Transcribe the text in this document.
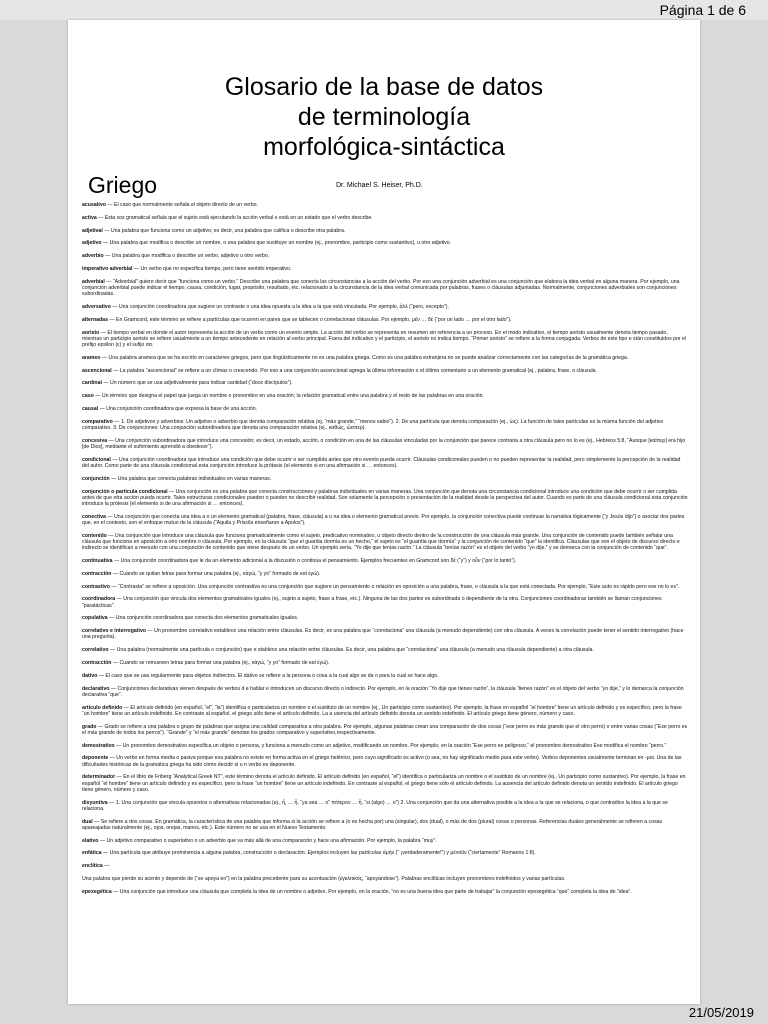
Página 1 de 6
Glosario de la base de datos
de terminología
morfológica-sintáctica
Griego	Dr. Michael S. Heiser, Ph.D.
acusativo — El caso que normalmente señala el objeto directo de un verbo.
activa — Esta voz gramatical señala que el sujeto está ejecutando la acción verbal o está en un estado que el verbo describe.
adjetival — Una palabra que funciona como un adjetivo; es decir, una palabra que califica o describe otra palabra.
adjetivo — Una palabra que modifica o describe un nombre, o una palabra que sustituye un nombre (ej., pronombre, participio como sustantivo), u otro adjetivo.
adverbio — Una palabra que modifica o describe un verbo, adjetivo u otro verbo.
imperativo adverbial — Un verbo que no especifica tiempo, pero tiene sentido imperativo.
adverbial — “Adverbial” quiere decir que “funciona como un verbo.” Describe una palabra que conecta las circunstancias a la acción del verbo. Por eso una conjunción adverbial es una conjunción que elabora la idea verbal en alguna manera. Por ejemplo, una conjunción adverbial puede indicar el tiempo, causa, condición, lugar, propósito, resultado, etc. relacionado a la circunstancia de la idea verbal comunicada por palabras, frases o cláusulas adjuntadas. Normalmente, conjunciones adverbiales son conjunciones subordinadas.
adversativo — Una conjunción coordinadora que sugiere un contraste o una idea opuesta a la idea a la que está vinculada. Por ejemplo, ἀλλ (“pero, excepto”).
alternadas — En Gramcord, este término se refiere a partículas que ocurren en pares que se tablecen o correlacionan cláusulas. Por ejemplo, μέν … δέ (“por un lado … por el otro lado”).
aoristo — El tiempo verbal en donde el autor representa la acción de un verbo como un evento simple. La acción del verbo se representa en resumen sin referencia a un proceso. En el modo indicativo, el tiempo aoristo usualmente denota tiempo pasado, mientras un participio aoristo se refiere usualmente a un tiempo antecedente en relación al verbo principal. Fuera del indicativo y el participio, el aoristo no indica tiempo. “Primer aoristo” se refiere a la forma conjugada. Verbos de este tipo e stán constituidos por el prefijo epsilon (ε) y el sufijo σα.
arameo — Una palabra aramea que se ha escrito en caracteres griegos, pero que lingüísticamente no es una palabra griega. Como es una palabra extranjera no se puede analizar correctamente con las categorías de la gramática griega.
ascencional — La palabra “ascencional” se refiere a un clímax o crescendo. Por eso a una conjunción ascencional agrega la última información o el último comentario a un elemento gramatical (ej., palabra, frase, o cláusula.
cardinal — Un número que se usa adjetivalmente para indicar cantidad (“doce discípulos”).
caso — Un término que designa el papel que juega un nombre o pronombre en una oración; la relación gramatical entre una palabra y el resto de las palabras en una oración.
causal — Una conjunción coordinadora que expresa la base de una acción.
comparativo — 1. De adjetivos y adverbios: Un adjetivo o adverbio que denota comparación relativa (ej, “más grande,” “menos sabio”). 2. De una partícula que denota comparación (ej., ὡς). La función de tales partículas es la misma función del adjetivo comparativo. 3. De conjunciones: Una conjunción subordinadora que denota una comparación relativa (ej., καθώς, ὥσπερ).
concesiva — Una conjunción subordinadora que introduce una concesión; es decir, un estado, acción, o condición en una de las cláusulas vinculadas por la conjunción que parece contraria a otra cláusula pero no lo es (ej., Hebreos 5:8, “Aunque [καίπερ] era hijo [de Dios], mediante el sufrimiento aprendió a obedecer”).
condicional — Una conjunción coordinadora que introduce una condición que debe ocurrir o ser cumplida antes que otro evento pueda ocurrir. Cláusulas condicionales pueden o no pueden representar la realidad, pero simplemente la percepción de la realidad del autor. Como parte de una cláusula condicional esta conjunción introduce la prótasis (el elemento si en una afirmación si … entonces).
conjunción — Una palabra que conecta palabras individuales en varias maneras.
conjunción o partícula condicional — Una conjunción es una palabra que conecta construcciones y palabras individuales en varias maneras. Una conjunción que denota una circunstancia condicional introduce una condición que debe ocurrir o ser cumplida antes de que otra acción pueda ocurrir. Tales estructuras condicionales pueden o pueden no describir realidad. Son solamente la percepción o presentación de la realidad desde la perspectiva del autor. Cuando es parte de una cláusula condicional esta conjunción introduce la prótesis (el elemento si de una afirmación si … entonces).
conectiva — Una conjunción que conecta una idea a o un elemento gramatical (palabra, frase, cláusula) a u na idea o elemento gramatical previo. Por ejemplo, la conjunción conectiva puede continuar la narrativa lógicamente (“y Jesús dijo”) o asociar dos partes que, en el contexto, son el enfoque mutuo de la cláusula (“Aquila y Priscila enseñaron a Apolos”).
contenido — Una conjunción que introduce una cláusula que funciona gramaticalmente como el sujeto, predicativo nominativo, u objeto directo dentro de la construcción de una cláusula más grande. Una conjunción de contenido puede también señalar una cláusula que funciona en aposición a otro nombre o cláusula. Por ejemplo, en la cláusula “que el guardia dormía es un hecho,” el sujeto es “el guardia que dormía” y la conjunción de contenido “que” la identifica. Cláusulas que son el objeto de discurso directo e indirecto se identifican a menudo con una conjunción de contenido que viene después de un verbo. Un ejemplo sería, “Yo dije que tenías razón.” La cláusula “tenías razón” es el objeto del verbo “yo dije,” y se demarca con la conjunción de contenido “que”.
continuativa — Una conjunción coordinadora que le da un elemento adicional a la discusión o continúa el pensamiento. Ejemplos frecuentes en Gramcord son δέ (“y”) y οὖν (“por lo tanto”).
contracción — Cuando se quitan letras para formar una palabra (ej., κἀγώ, “y yo” formado de καί ἐγώ).
contrastivo — “Contrasta” se refiere a oposición. Una conjunción contrastiva es una conjunción que sugiere un pensamiento o relación en oposición a una palabra, frase, o cláusula a la que está conectada. Por ejemplo, “Este auto es rápido pero ese no lo es”.
coordinadora — Una conjunción que vincula dos elementos gramaticales iguales (ej., sujeto a sujeto, frase a frase, etc.). Ninguna de las dos partes es subordinada o dependiente de la otra. Conjunciones coordinadoras también se llaman conjunciones “paratácticas”.
copulativa — Una conjunción coordinadora que conecta dos elementos gramaticales iguales.
correlativo e interrogativo — Un pronombre correlativo establece una relación entre cláusulas. Es decir, es una palabra que “correlaciona” una cláusula (a menudo dependiente) con otra cláusula. A veces la correlación puede tener el sentido interrogativo (hace una pregunta).
correlativo — Una palabra (normalmente una partícula o conjunción) que e stablece una relación entre cláusulas. Es decir, una palabra que “correlaciona” una cláusula (a menudo una cláusula dependiente) a otra cláusula.
contracción — Cuando se remueven letras para formar una palabra (ej., κἀγώ, “y yo” formado de καί ἐγώ).
dativo — El caso que se usa regularmente para objetos indirectos. El dativo se refiere a la persona o cosa a la cual algo se da o para la cual se hace algo.
declarativo — Conjunciones declarativas vienen después de verbos d e hablar e introducen un discurso directo o indirecto. Por ejemplo, en la oración “Yo dije que tienes razón”, la cláusula “tienes razón” es el objeto del verbo “yo dije,” y lo demarca la conjunción declarativa “que”.
artículo definido — El artículo definido (en español, “el”, “la”) identifica o particulariza un nombre o el sustituto de un nombre (ej., Un participio como sustantivo). Por ejemplo, la frase en español “el hombre” tiene un artículo definido y es específico, pero la frase “un hombre” tiene un artículo indefinido. En contraste al español, el griego sólo tiene el artículo definido. La a usencia del artículo definido denota un sentido indefinido. El artículo griego tiene género, número y caso.
grado — Grado se refiere a una palabra o grupo de palabras que asigna una calidad comparativa a otra palabra. Por ejemplo, algunas palabras crean una comparación de dos cosas (“ese perro es más grande que el otro perro) o entre varias cosas (“Ese perro es el más grande de todos los perros”). “Grande” y “el más grande” denotan los grados comparativo y superlativo,respectivamente.
demostrativo — Un pronombre demostrativo especifica un objeto o persona, y funciona a menudo como un adjetivo, modificando un nombre. Por ejemplo, en la oración “Ese perro es peligroso,” el pronombre demostrativo Ese modifica el nombre “perro.”
deponente — Un verbo en forma media o pasiva porque esa palabra no existe en forma activa en el griego helénico, pero cuyo significado es activo (o sea, no hay significado medio para este verbo). Verbos deponentes usualmente terminan en -μαι. Una de las dificultades históricas de la gramática griega ha sido cómo decidir si u n verbo es deponente.
determinador — En el libro de Friberg “Analytical Greek NT”, este término denota el artículo definido. El artículo definido (en español, “el”) identifica o particulariza un nombre o el sustituto de un nombre (ej., Un participio como sustantivo). Por ejemplo, la frase en español “el hombre” tiene un artículo definido y es específico, pero la frase “un hombre” tiene un artículo indefinido. En contraste al español, el griego tiene sólo el artículo definido. La ausencia del artículo definido denota un sentido indefinido. El artículo griego tiene género, número y caso.
disyuntiva — 1. Una conjunción que vincula opuestos o alternativas relacionadas (ej., ἤ, … ἤ, “ya sea … o” πότερον … ἤ, “si (algo) … o”) 2. Una conjunción que da una alternativa posible a la idea a la que se relaciona, o que contradice la idea a la que se relaciona.
dual — Se refiere a dos cosas. En gramática, la característica de una palabra que informa si la acción se refiere a (o es hecha por) una (singular), dos (dual), o más de dos (plural) cosas o personas. Referencias duales generalmente se refieren a cosas apareajadas naturalmente (ej., ojos, orejas, manos, etc.). Este número no se usa en el Nuevo Testamento.
elativo — Un adjetivo comparativo o superlativo o un adverbio que va más allá de una comparación y hace una afirmación. Por ejemplo, la palabra “muy”.
enfática — Una partícula que atribuye prominencia a alguna palabra, construcción o declaración. Ejemplos incluyen las partículas ἀμήν (“ ¡verdaderamente!”) y μένοῦν (“ciertamente” Romanos 1:8).
enclítica —
Una palabra que pierde su acento y depende de (“se apoya en”) en la palabra precedente para su acentuación (ἐγκλιτικός, “apoyándose”). Palabras enclíticas incluyen pronombres indefinidos y varias partículas.
epexegética — Una conjunción que introduce una cláusula que completa la idea de un nombre o adjetivo. Por ejemplo, en la oración, “no es una buena idea que parte de trabajar” la conjunción epexegética “que” completa la idea de “idea”.
21/05/2019
